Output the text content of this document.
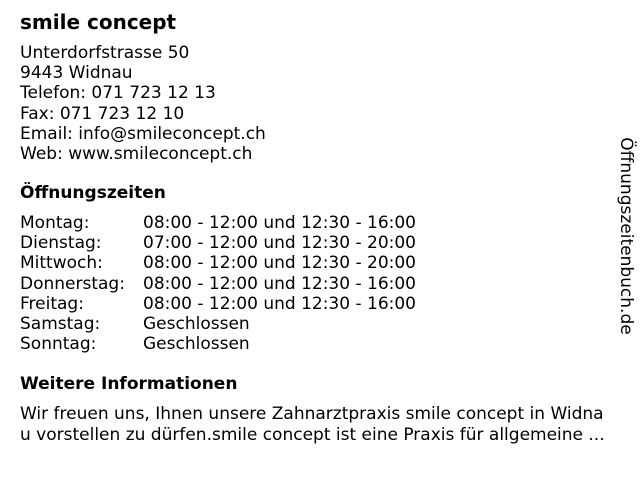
smile concept
Unterdorfstrasse 50
9443 Widnau
Telefon: 071 723 12 13
Fax: 071 723 12 10
Email: info@smileconcept.ch
Web: www.smileconcept.ch
Öffnungszeiten
Montag:	08:00 - 12:00 und 12:30 - 16:00
Dienstag: 07:00 - 12:00 und 12:30 - 20:00
Mittwoch: 08:00 - 12:00 und 12:30 - 20:00
Donnerstag: 08:00 - 12:00 und 12:30 - 16:00
Freitag:	08:00 - 12:00 und 12:30 - 16:00
Samstag:	Geschlossen
Sonntag:	Geschlossen
Weitere Informationen
Wir freuen uns, Ihnen unsere Zahnarztpraxis smile concept in Widna
u vorstellen zu dürfen.smile concept ist eine Praxis für allgemeine ...
Öffnungszeitenbuch.de
